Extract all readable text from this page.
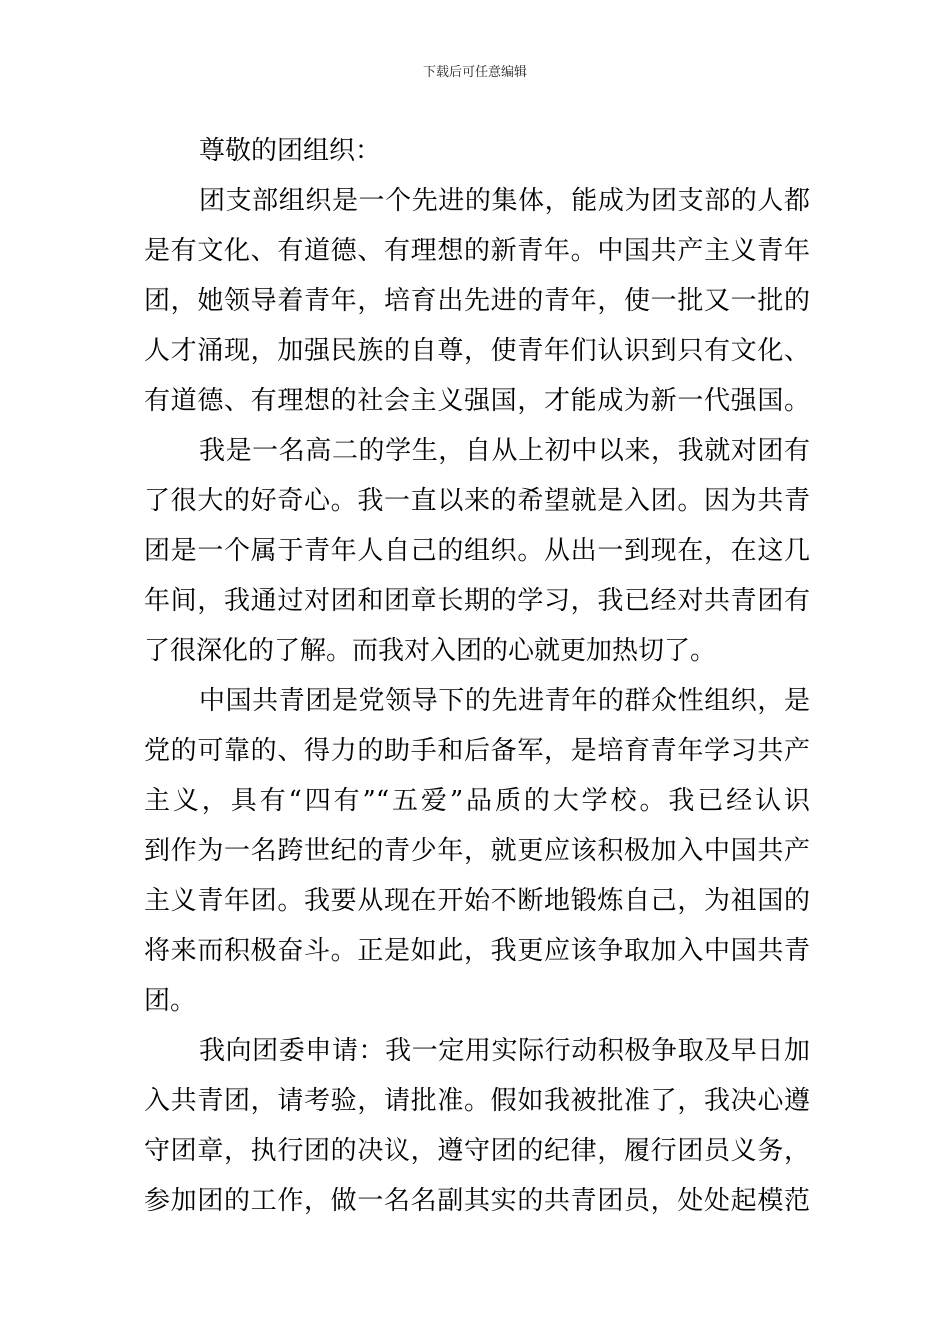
下载后可任意编辑
尊敬的团组织：
团支部组织是一个先进的集体，能成为团支部的人都
是有文化、有道德、有理想的新青年。中国共产主义青年
团，她领导着青年，培育出先进的青年，使一批又一批的
人才涌现，加强民族的自尊，使青年们认识到只有文化、
有道德、有理想的社会主义强国，才能成为新一代强国。
我是一名高二的学生，自从上初中以来，我就对团有
了很大的好奇心。我一直以来的希望就是入团。因为共青
团是一个属于青年人自己的组织。从出一到现在，在这几
年间，我通过对团和团章长期的学习，我已经对共青团有
了很深化的了解。而我对入团的心就更加热切了。
中国共青团是党领导下的先进青年的群众性组织，是
党的可靠的、得力的助手和后备军，是培育青年学习共产
主义，具有“四有”“五爱”品质的大学校。我已经认识
到作为一名跨世纪的青少年，就更应该积极加入中国共产
主义青年团。我要从现在开始不断地锻炼自己，为祖国的
将来而积极奋斗。正是如此，我更应该争取加入中国共青
团。
我向团委申请：我一定用实际行动积极争取及早日加
入共青团，请考验，请批准。假如我被批准了，我决心遵
守团章，执行团的决议，遵守团的纪律，履行团员义务，
参加团的工作，做一名名副其实的共青团员，处处起模范
